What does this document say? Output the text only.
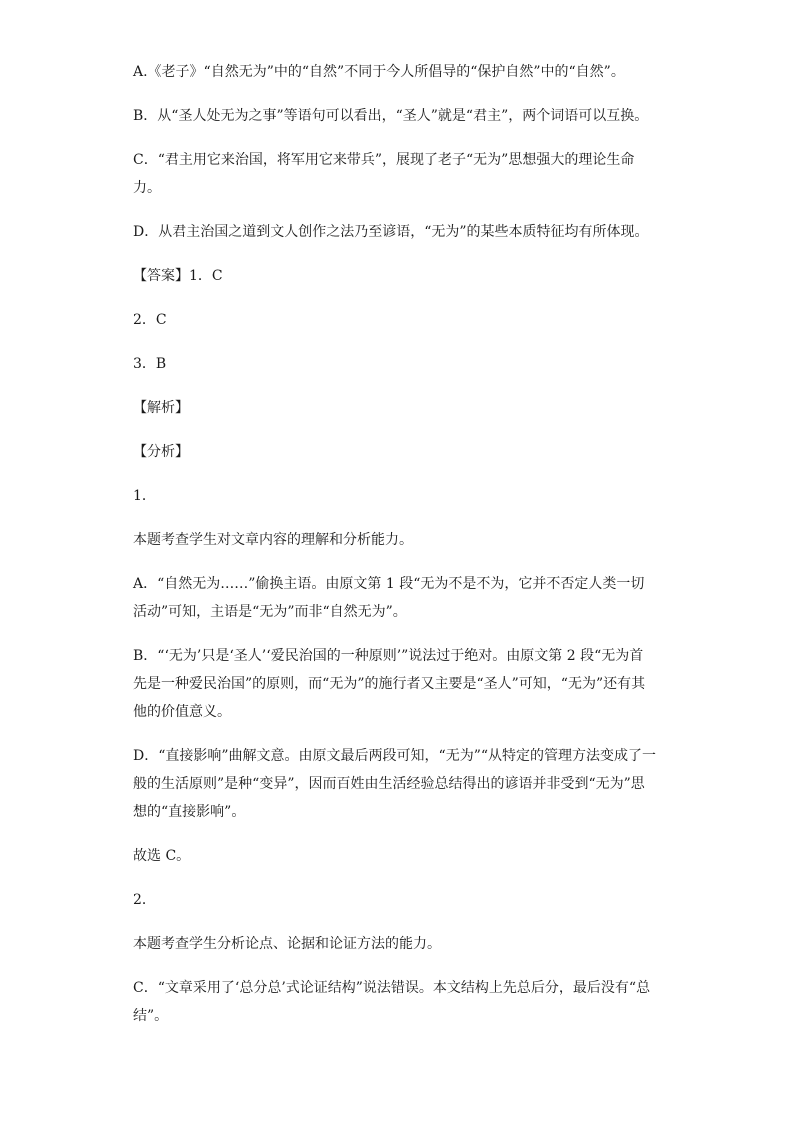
A.《老子》“自然无为”中的“自然”不同于今人所倡导的“保护自然”中的“自然”。

B．从“圣人处无为之事”等语句可以看出，“圣人”就是“君主”，两个词语可以互换。

C．“君主用它来治国，将军用它来带兵”，展现了老子“无为”思想强大的理论生命力。

D．从君主治国之道到文人创作之法乃至谚语，“无为”的某些本质特征均有所体现。

【答案】1．C

2．C

3．B

【解析】

【分析】

1．

本题考查学生对文章内容的理解和分析能力。

A．“自然无为……”偷换主语。由原文第 1 段“无为不是不为，它并不否定人类一切活动”可知，主语是“无为”而非“自然无为”。

B．“‘无为’只是‘圣人’‘爱民治国的一种原则’”说法过于绝对。由原文第 2 段“无为首先是一种爱民治国”的原则，而“无为”的施行者又主要是“圣人”可知，“无为”还有其他的价值意义。

D．“直接影响”曲解文意。由原文最后两段可知，“无为”“从特定的管理方法变成了一般的生活原则”是种“变异”，因而百姓由生活经验总结得出的谚语并非受到“无为”思想的“直接影响”。

故选 C。

2．

本题考查学生分析论点、论据和论证方法的能力。

C．“文章采用了‘总分总’式论证结构”说法错误。本文结构上先总后分，最后没有“总结”。
